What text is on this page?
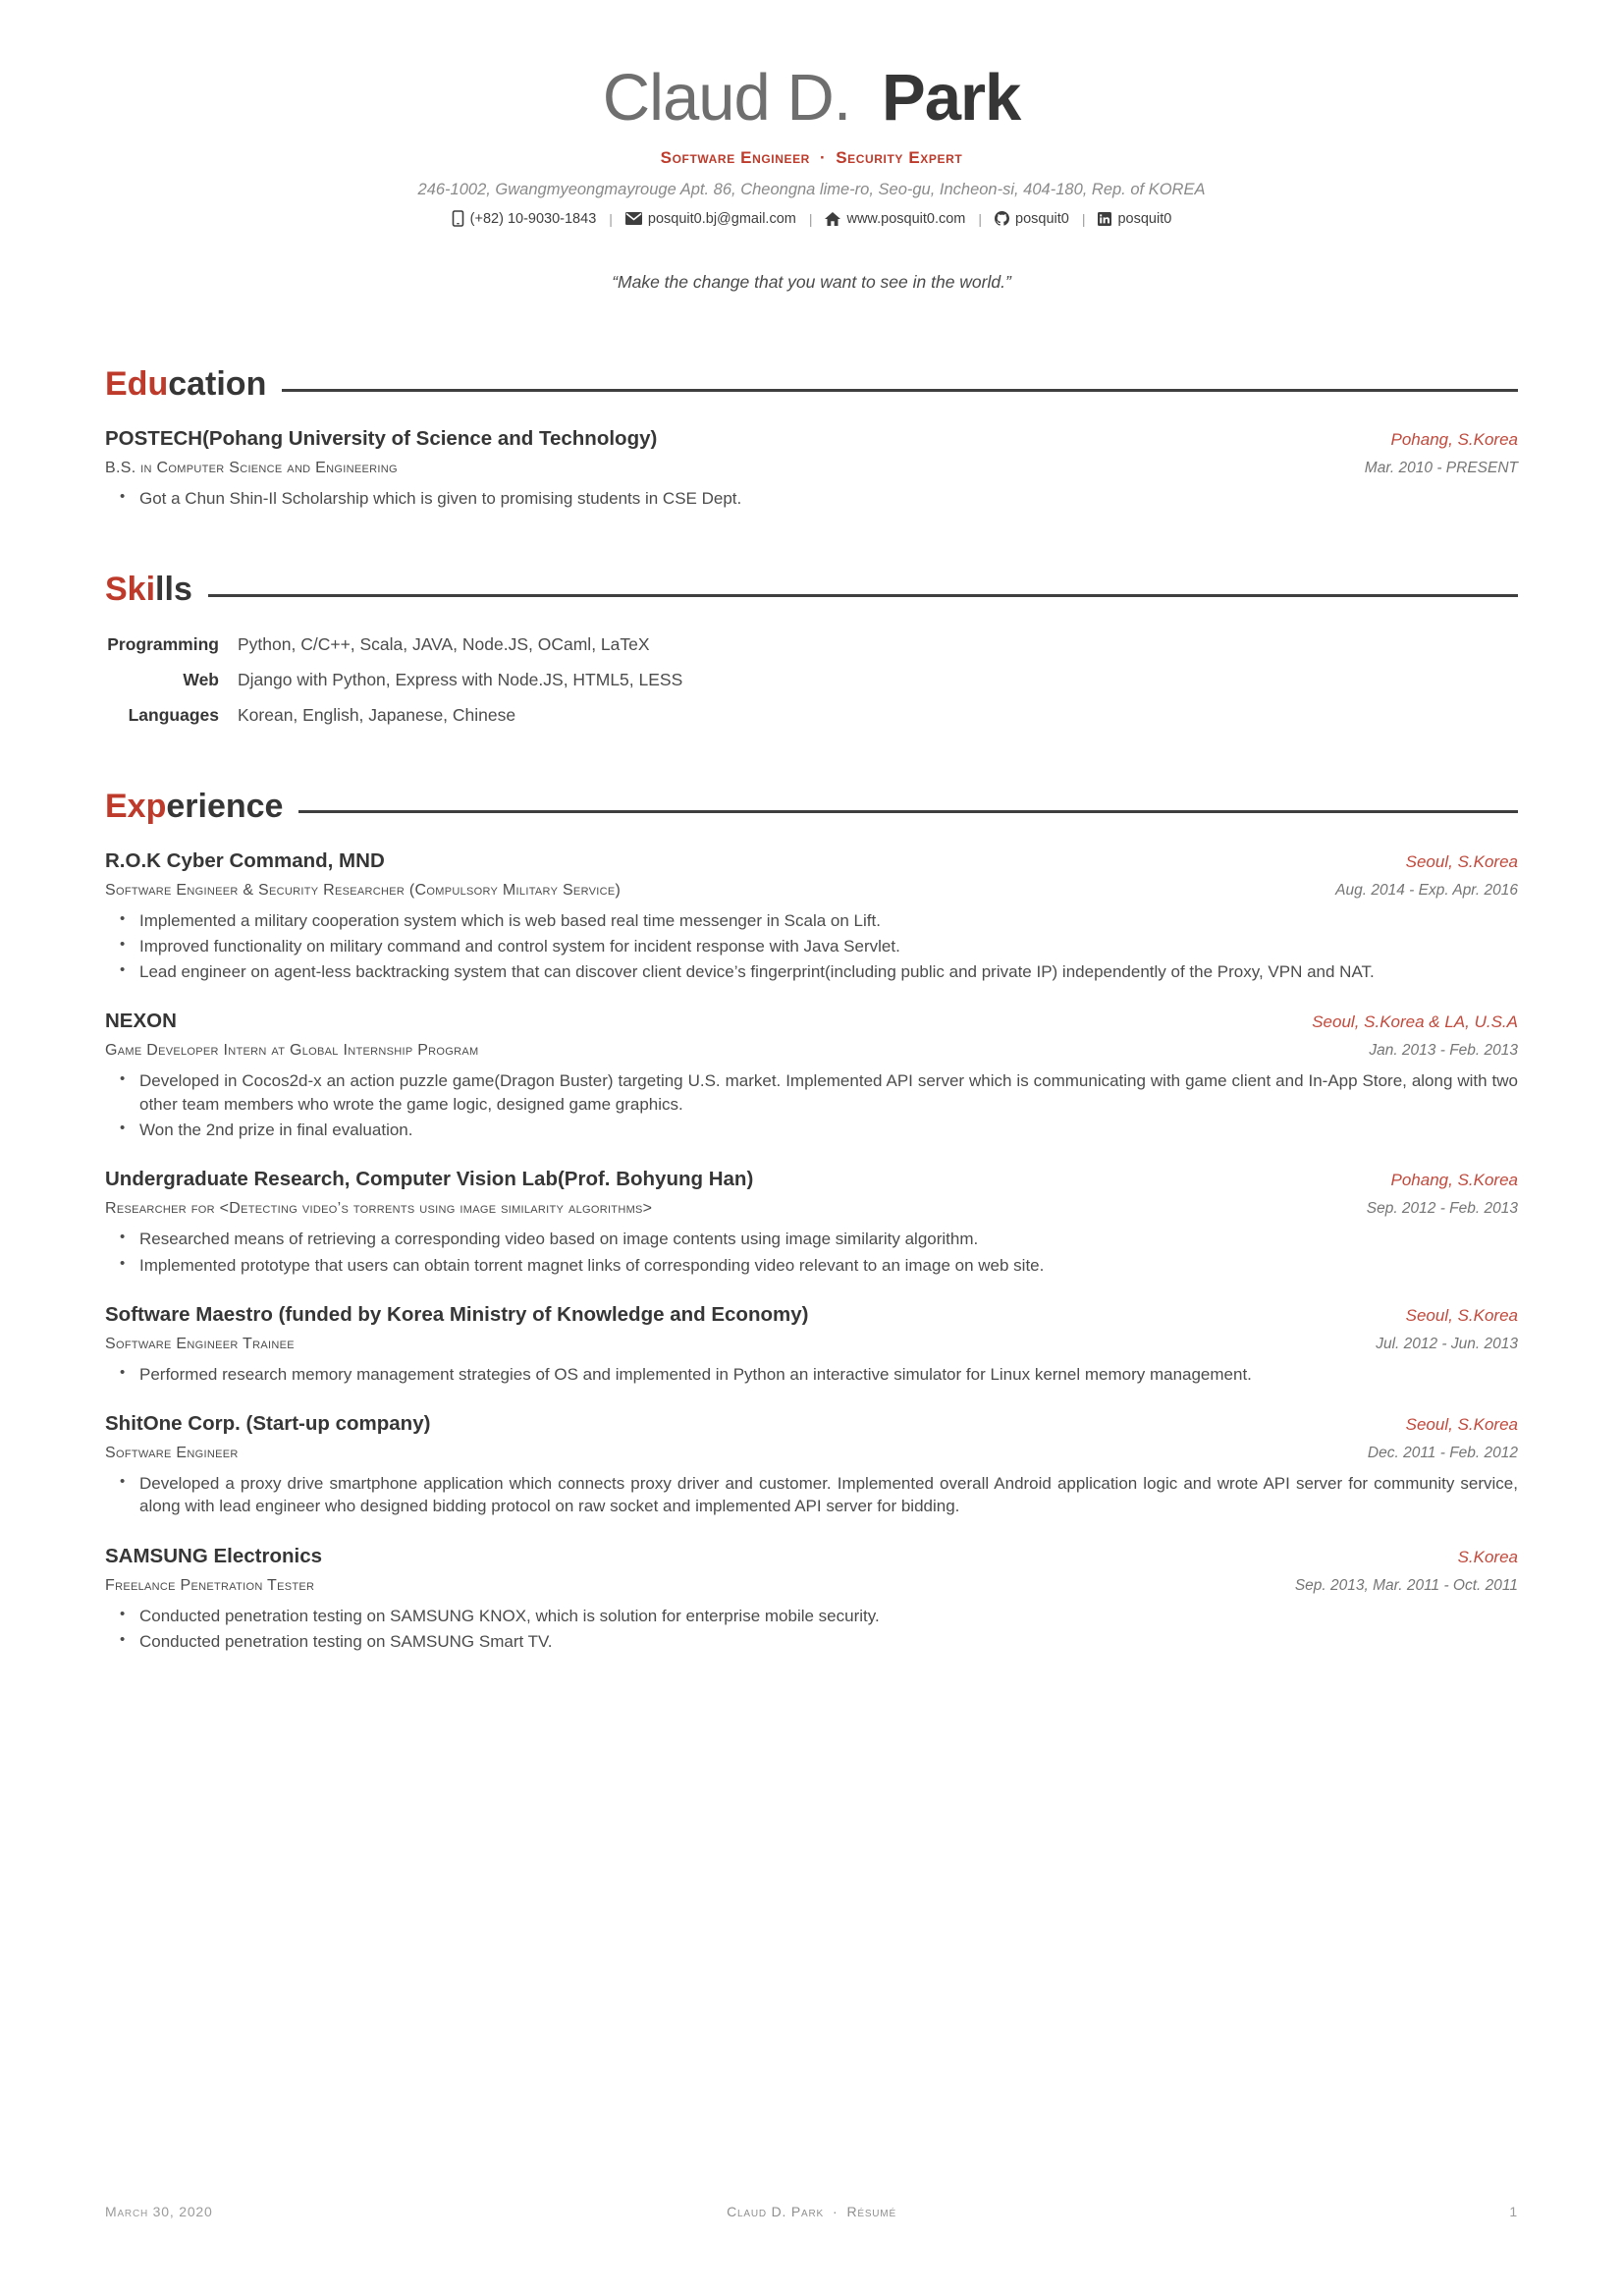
Claud D. Park
Software Engineer · Security Expert
246-1002, Gwangmyeongmayrouge Apt. 86, Cheongna lime-ro, Seo-gu, Incheon-si, 404-180, Rep. of KOREA
(+82) 10-9030-1843 | posquit0.bj@gmail.com | www.posquit0.com | posquit0 | posquit0
“Make the change that you want to see in the world.”
Edu cation
POSTECH(Pohang University of Science and Technology)	Pohang, S.Korea
B.S. in Computer Science and Engineering	Mar. 2010 - PRESENT
• Got a Chun Shin-Il Scholarship which is given to promising students in CSE Dept.
Ski lls
Programming Python, C/C++, Scala, JAVA, Node.JS, OCaml, LaTeX
Web Django with Python, Express with Node.JS, HTML5, LESS
Languages Korean, English, Japanese, Chinese
Exp erience
R.O.K Cyber Command, MND	Seoul, S.Korea
Software Engineer & Security Researcher (Compulsory Military Service)	Aug. 2014 - Exp. Apr. 2016
• Implemented a military cooperation system which is web based real time messenger in Scala on Lift.
• Improved functionality on military command and control system for incident response with Java Servlet.
• Lead engineer on agent-less backtracking system that can discover client device’s fingerprint(including public and private IP) independently of the Proxy, VPN and NAT.
NEXON	Seoul, S.Korea & LA, U.S.A
Game Developer Intern at Global Internship Program	Jan. 2013 - Feb. 2013
• Developed in Cocos2d-x an action puzzle game(Dragon Buster) targeting U.S. market. Implemented API server which is communicating with game client and In-App Store, along with two other team members who wrote the game logic, designed game graphics.
• Won the 2nd prize in final evaluation.
Undergraduate Research, Computer Vision Lab(Prof. Bohyung Han)	Pohang, S.Korea
Researcher for <Detecting video’s torrents using image similarity algorithms>	Sep. 2012 - Feb. 2013
• Researched means of retrieving a corresponding video based on image contents using image similarity algorithm.
• Implemented prototype that users can obtain torrent magnet links of corresponding video relevant to an image on web site.
Software Maestro (funded by Korea Ministry of Knowledge and Economy)	Seoul, S.Korea
Software Engineer Trainee	Jul. 2012 - Jun. 2013
• Performed research memory management strategies of OS and implemented in Python an interactive simulator for Linux kernel memory management.
ShitOne Corp. (Start-up company)	Seoul, S.Korea
Software Engineer	Dec. 2011 - Feb. 2012
• Developed a proxy drive smartphone application which connects proxy driver and customer. Implemented overall Android application logic and wrote API server for community service, along with lead engineer who designed bidding protocol on raw socket and implemented API server for bidding.
SAMSUNG Electronics	S.Korea
Freelance Penetration Tester	Sep. 2013, Mar. 2011 - Oct. 2011
• Conducted penetration testing on SAMSUNG KNOX, which is solution for enterprise mobile security.
• Conducted penetration testing on SAMSUNG Smart TV.
March 30, 2020	Claud D. Park · Résumé	1
